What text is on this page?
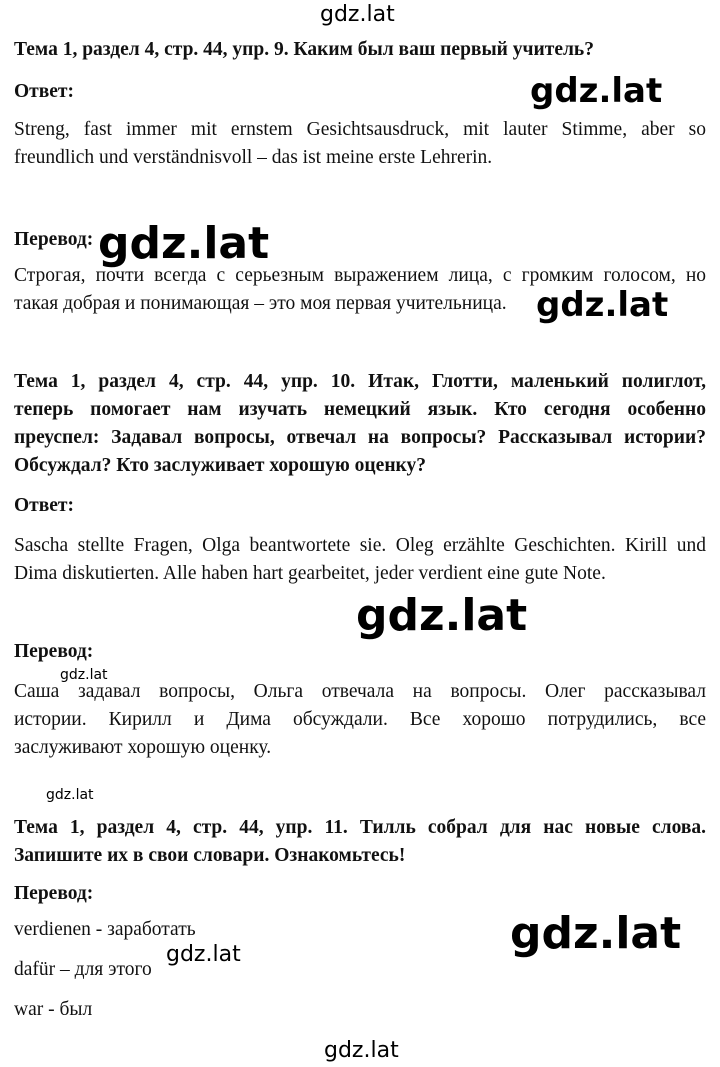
gdz.lat
gdz.lat
gdz.lat
gdz.lat
gdz.lat
gdz.lat
gdz.lat
gdz.lat
gdz.lat
gdz.lat

Тема 1, раздел 4, стр. 44, упр. 9. Каким был ваш первый учитель?

Ответ:

Streng, fast immer mit ernstem Gesichtsausdruck, mit lauter Stimme, aber so

freundlich und verständnisvoll – das ist meine erste Lehrerin.

Перевод:

Строгая, почти всегда с серьезным выражением лица, с громким голосом, но

такая добрая и понимающая – это моя первая учительница.

Тема 1, раздел 4, стр. 44, упр. 10. Итак, Глотти, маленький полиглот,

теперь помогает нам изучать немецкий язык. Кто сегодня особенно

преуспел: Задавал вопросы, отвечал на вопросы? Рассказывал истории?

Обсуждал? Кто заслуживает хорошую оценку?

Ответ:

Sascha stellte Fragen, Olga beantwortete sie. Oleg erzählte Geschichten. Kirill und

Dima diskutierten. Alle haben hart gearbeitet, jeder verdient eine gute Note.

Перевод:

Саша задавал вопросы, Ольга отвечала на вопросы. Олег рассказывал

истории. Кирилл и Дима обсуждали. Все хорошо потрудились, все

заслуживают хорошую оценку.

Тема 1, раздел 4, стр. 44, упр. 11. Тилль собрал для нас новые слова.

Запишите их в свои словари. Ознакомьтесь!

Перевод:

verdienen - заработать

dafür – для этого

war - был
